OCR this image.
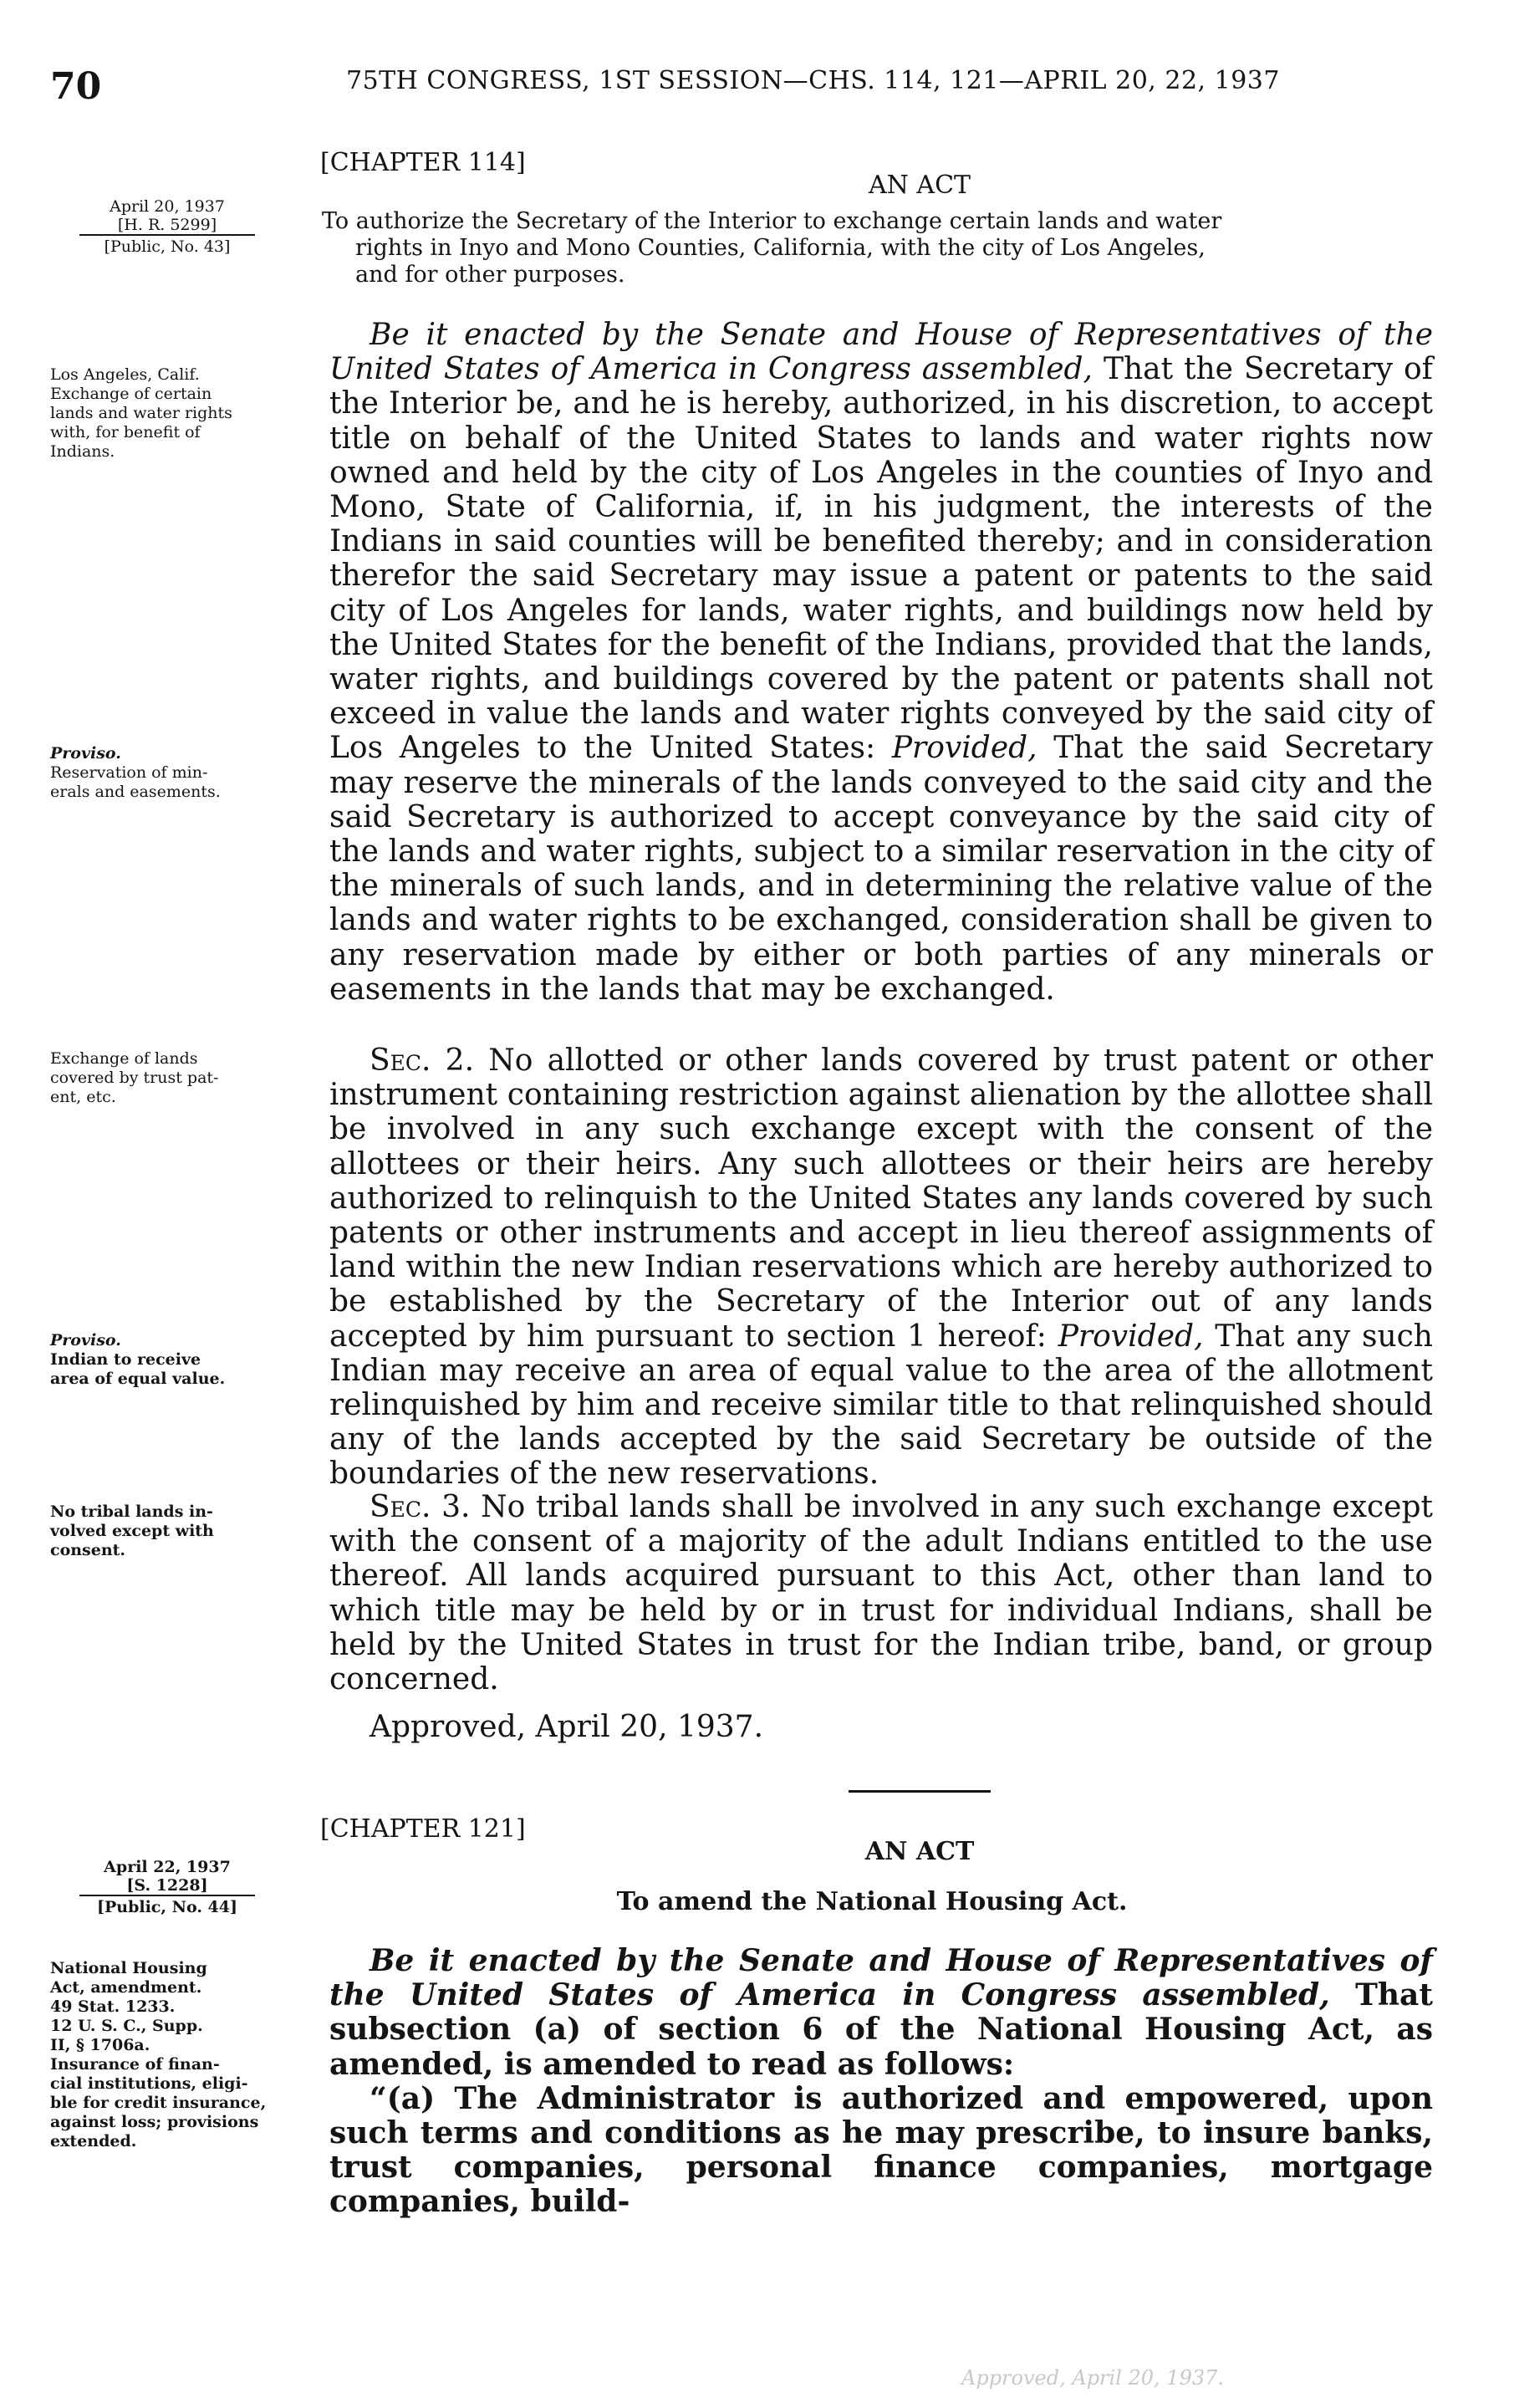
70	75TH CONGRESS, 1ST SESSION—CHS. 114, 121—APRIL 20, 22, 1937
[CHAPTER 114]
AN ACT
April 20, 1937
[H. R. 5299]
[Public, No. 43]
To authorize the Secretary of the Interior to exchange certain lands and water
rights in Inyo and Mono Counties, California, with the city of Los Angeles,
and for other purposes.
Los Angeles, Calif.
Exchange of certain
lands and water rights
with, for benefit of
Indians.
Proviso.
Reservation of min-
erals and easements.
Exchange of lands
covered by trust pat-
ent, etc.
Proviso.
Indian to receive
area of equal value.
No tribal lands in-
volved except with
consent.

Be it enacted by the Senate and House of Representatives of the United States of America in Congress assembled, That the Secretary of the Interior be, and he is hereby, authorized, in his discretion, to accept title on behalf of the United States to lands and water rights now owned and held by the city of Los Angeles in the counties of Inyo and Mono, State of California, if, in his judgment, the interests of the Indians in said counties will be benefited thereby; and in consideration therefor the said Secretary may issue a patent or patents to the said city of Los Angeles for lands, water rights, and buildings now held by the United States for the benefit of the Indians, provided that the lands, water rights, and buildings covered by the patent or patents shall not exceed in value the lands and water rights conveyed by the said city of Los Angeles to the United States: Provided, That the said Secretary may reserve the minerals of the lands conveyed to the said city and the said Secretary is authorized to accept conveyance by the said city of the lands and water rights, subject to a similar reservation in the city of the minerals of such lands, and in determining the relative value of the lands and water rights to be exchanged, consideration shall be given to any reservation made by either or both parties of any minerals or easements in the lands that may be exchanged.

Sec. 2. No allotted or other lands covered by trust patent or other instrument containing restriction against alienation by the allottee shall be involved in any such exchange except with the consent of the allottees or their heirs. Any such allottees or their heirs are hereby authorized to relinquish to the United States any lands covered by such patents or other instruments and accept in lieu thereof assignments of land within the new Indian reservations which are hereby authorized to be established by the Secretary of the Interior out of any lands accepted by him pursuant to section 1 hereof: Provided, That any such Indian may receive an area of equal value to the area of the allotment relinquished by him and receive similar title to that relinquished should any of the lands accepted by the said Secretary be outside of the boundaries of the new reservations.

Sec. 3. No tribal lands shall be involved in any such exchange except with the consent of a majority of the adult Indians entitled to the use thereof. All lands acquired pursuant to this Act, other than land to which title may be held by or in trust for individual Indians, shall be held by the United States in trust for the Indian tribe, band, or group concerned.

Approved, April 20, 1937.
[CHAPTER 121]
AN ACT
April 22, 1937
[S. 1228]
[Public, No. 44]	To amend the National Housing Act.
National Housing
Act, amendment.
49 Stat. 1233.
12 U. S. C., Supp.
II, § 1706a.
Insurance of finan-
cial institutions, eligi-
ble for credit insurance,
against loss; provisions
extended.

Be it enacted by the Senate and House of Representatives of the United States of America in Congress assembled, That subsection (a) of section 6 of the National Housing Act, as amended, is amended to read as follows:

“(a) The Administrator is authorized and empowered, upon such terms and conditions as he may prescribe, to insure banks, trust companies, personal finance companies, mortgage companies, build-

Approved, April 20, 1937.
